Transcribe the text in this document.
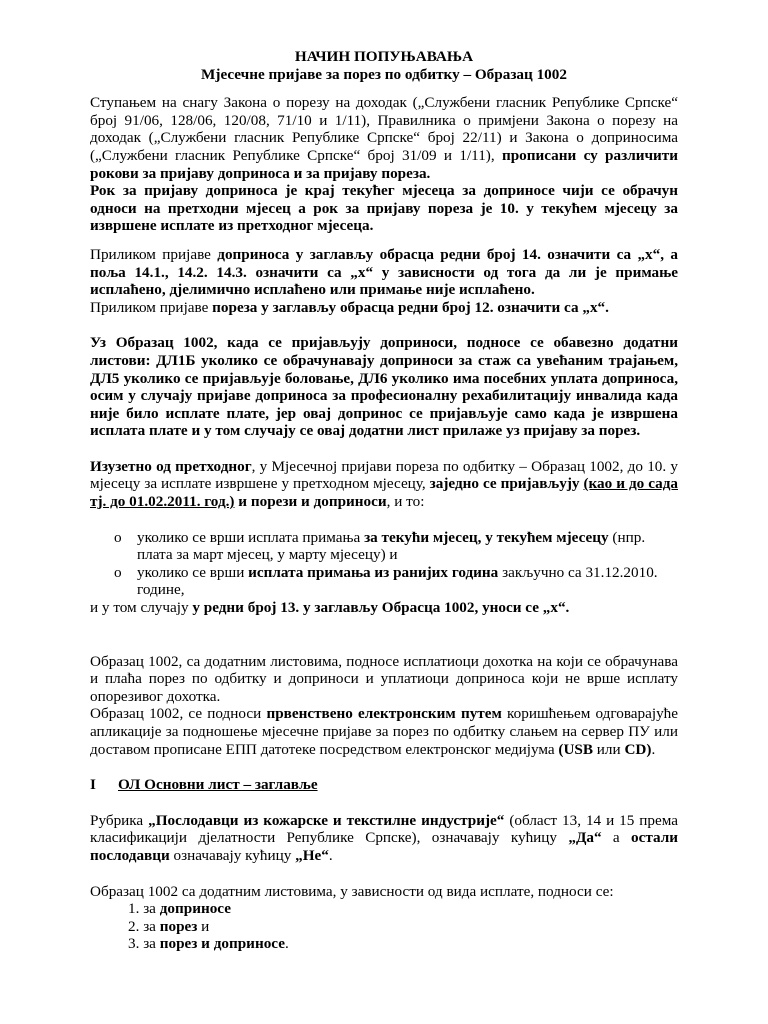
НАЧИН ПОПУЊАВАЊА
Мјесечне пријаве за порез по одбитку – Образац 1002

Ступањем на снагу Закона о порезу на доходак („Службени гласник Републике Српске“ број 91/06, 128/06, 120/08, 71/10 и 1/11), Правилника о примјени Закона о порезу на доходак („Службени гласник Републике Српске“ број 22/11) и Закона о доприносима („Службени гласник Републике Српске“ број 31/09 и 1/11), прописани су различити рокови за пријаву доприноса и за пријаву пореза.

Рок за пријаву доприноса је крај текућег мјесеца за доприносе чији се обрачун односи на претходни мјесец а рок за пријаву пореза је 10. у текућем мјесецу за извршене исплате из претходног мјесеца.

Приликом пријаве доприноса у заглављу обрасца редни број 14. означити са „х“, а поља 14.1., 14.2. 14.3. означити са „х“ у зависности од тога да ли је примање исплаћено, дјелимично исплаћено или примање није исплаћено.

Приликом пријаве пореза у заглављу обрасца редни број 12. означити са „х“.

Уз Образац 1002, када се пријављују доприноси, подносе се обавезно додатни листови: ДЛ1Б уколико се обрачунавају доприноси за стаж са увећаним трајањем, ДЛ5 уколико се пријављује боловање, ДЛ6 уколико има посебних уплата доприноса, осим у случају пријаве доприноса за професионалну рехабилитацију инвалида када није било исплате плате, јер овај допринос се пријављује само када је извршена исплата плате и у том случају се овај додатни лист прилаже уз пријаву за порез.

Изузетно од претходног, у Мјесечној пријави пореза по одбитку – Образац 1002, до 10. у мјесецу за исплате извршене у претходном мјесецу, заједно се пријављују (као и до сада тј. до 01.02.2011. год.) и порези и доприноси, и то:

o уколико се врши исплата примања за текући мјесец, у текућем мјесецу (нпр. плата за март мјесец, у марту мјесецу) и
o уколико се врши исплата примања из ранијих година закључно са 31.12.2010. године,

и у том случају у редни број 13. у заглављу Обрасца 1002, уноси се „х“.

Образац 1002, са додатним листовима, подносе исплатиоци дохотка на који се обрачунава и плаћа порез по одбитку и доприноси и уплатиоци доприноса који не врше исплату опорезивог дохотка.

Образац 1002, се подноси првенствено електронским путем коришћењем одговарајуће апликације за подношење мјесечне пријаве за порез по одбитку слањем на сервер ПУ или доставом прописане ЕПП датотеке посредством електронског медијума (USB или CD).

I ОЛ Основни лист – заглавље

Рубрика „Послодавци из кожарске и текстилне индустрије“ (област 13, 14 и 15 према класификацији дјелатности Републике Српске), означавају кућицу „Да“ а остали послодавци означавају кућицу „Не“.

Образац 1002 са додатним листовима, у зависности од вида исплате, подноси се:

1. за доприносе
2. за порез и
3. за порез и доприносе.
